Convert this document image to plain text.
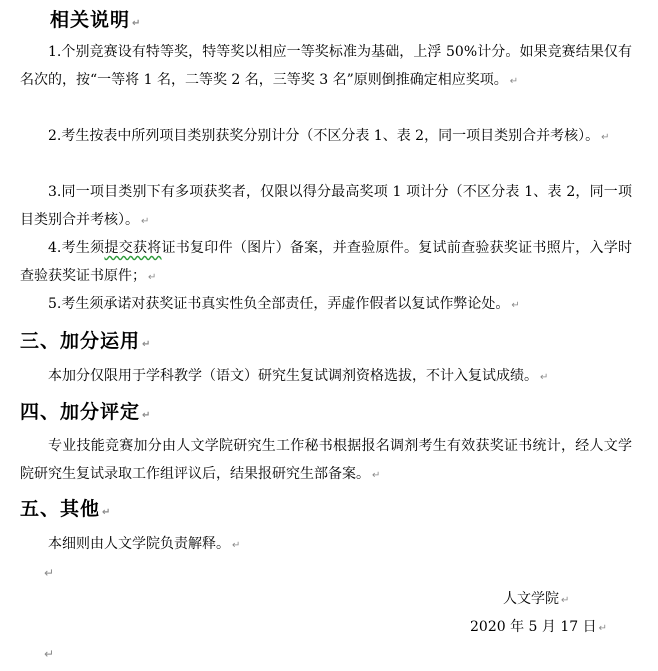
相关说明 ↵
1.个别竞赛设有特等奖，特等奖以相应一等奖标准为基础，上浮 50%计分。如果竞赛结果仅有名次的，按“一等将 1 名，二等奖 2 名，三等奖 3 名”原则倒推确定相应奖项。 ↵
2.考生按表中所列项目类别获奖分别计分（不区分表 1、表 2，同一项目类别合并考核）。 ↵
3.同一项目类别下有多项获奖者，仅限以得分最高奖项 1 项计分（不区分表 1、表 2，同一项目类别合并考核）。 ↵
4.考生须提交获将证书复印件（图片）备案，并查验原件。复试前查验获奖证书照片，入学时查验获奖证书原件； ↵
5.考生须承诺对获奖证书真实性负全部责任，弄虚作假者以复试作弊论处。 ↵
三、加分运用 ↵
本加分仅限用于学科教学（语文）研究生复试调剂资格选拔，不计入复试成绩。 ↵
四、加分评定 ↵
专业技能竞赛加分由人文学院研究生工作秘书根据报名调剂考生有效获奖证书统计，经人文学院研究生复试录取工作组评议后，结果报研究生部备案。 ↵
五、其他 ↵
本细则由人文学院负责解释。 ↵
↵
人文学院 ↵
2020 年 5 月 17 日 ↵
↵
